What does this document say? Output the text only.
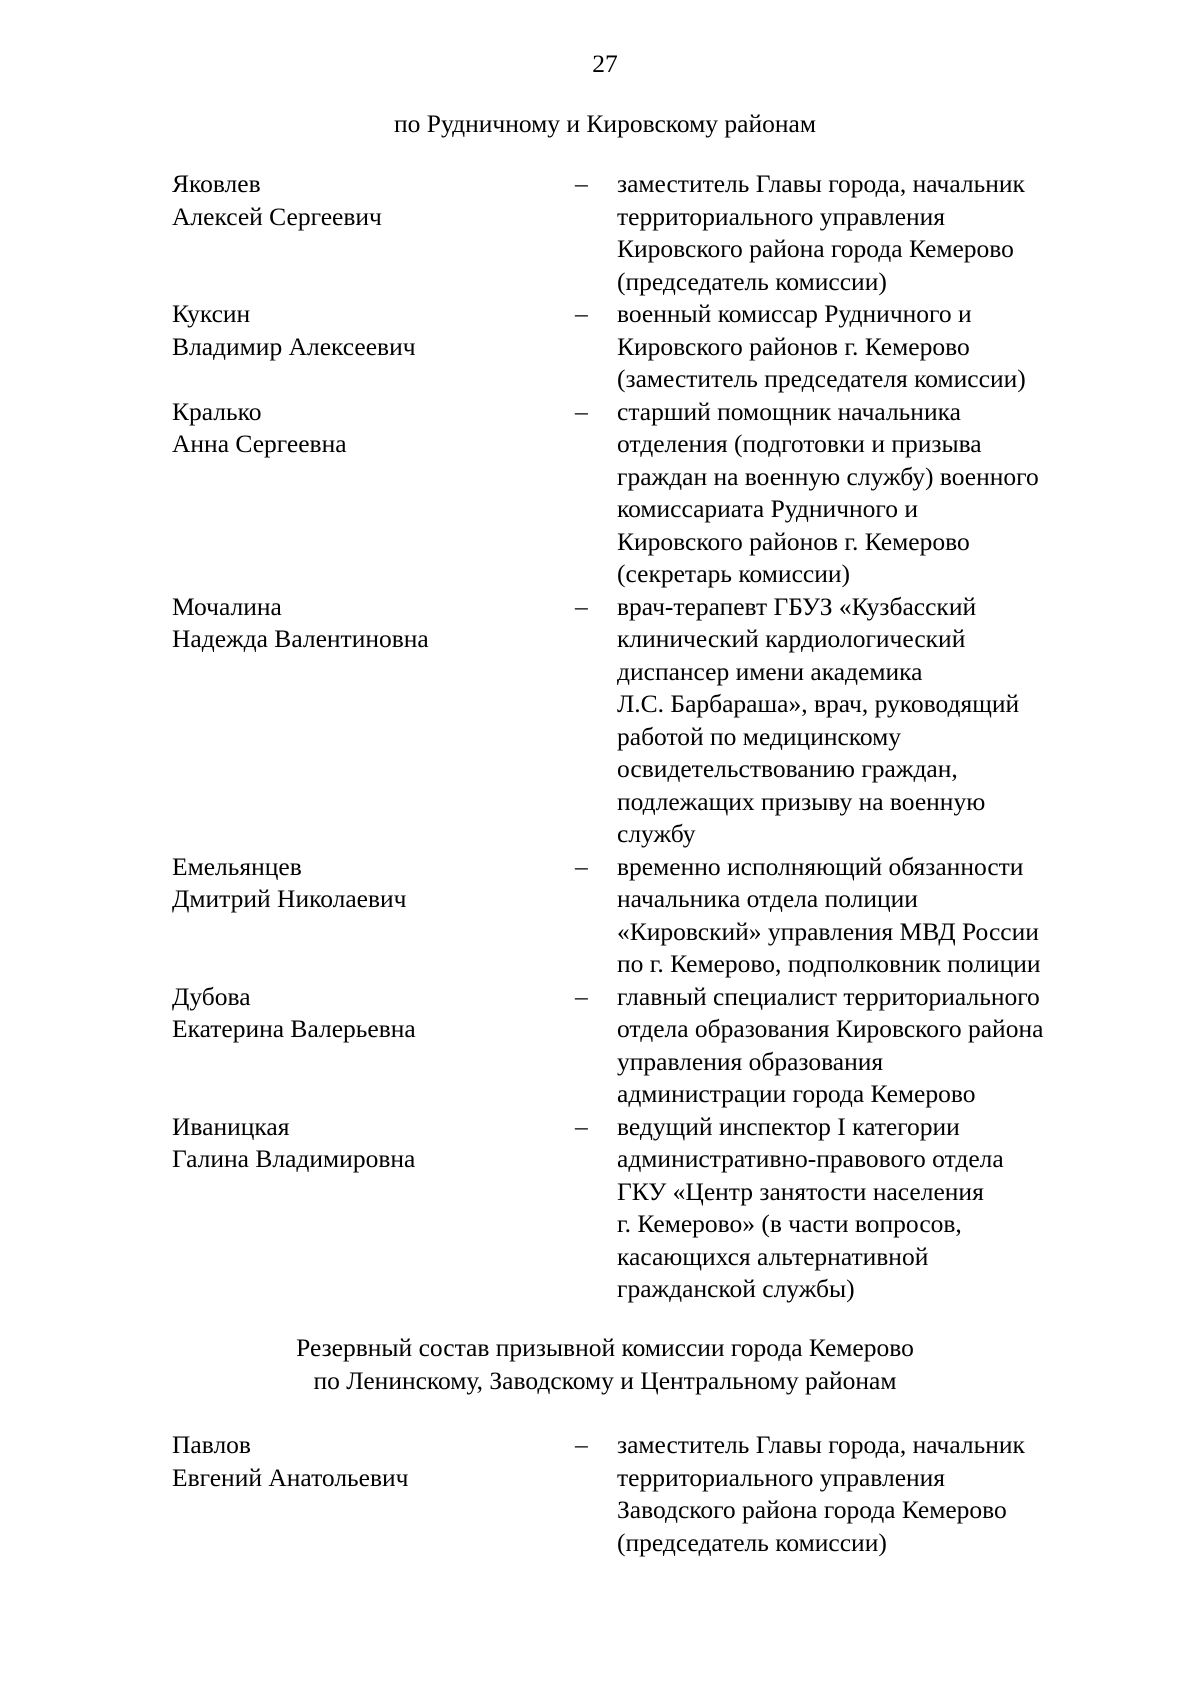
27
по Рудничному и Кировскому районам
Яковлев
Алексей Сергеевич
–	заместитель Главы города, начальник
территориального управления
Кировского района города Кемерово
(председатель комиссии)
Куксин
Владимир Алексеевич
–	военный комиссар Рудничного и
Кировского районов г. Кемерово
(заместитель председателя комиссии)
Кралько
Анна Сергеевна
–	старший помощник начальника
отделения (подготовки и призыва
граждан на военную службу) военного
комиссариата Рудничного и
Кировского районов г. Кемерово
(секретарь комиссии)
Мочалина
Надежда Валентиновна
–	врач-терапевт ГБУЗ «Кузбасский
клинический кардиологический
диспансер имени академика
Л.С. Барбараша», врач, руководящий
работой по медицинскому
освидетельствованию граждан,
подлежащих призыву на военную
службу
Емельянцев
Дмитрий Николаевич
–	временно исполняющий обязанности
начальника отдела полиции
«Кировский» управления МВД России
по г. Кемерово, подполковник полиции
Дубова
Екатерина Валерьевна
–	главный специалист территориального
отдела образования Кировского района
управления образования
администрации города Кемерово
Иваницкая
Галина Владимировна
–	ведущий инспектор I категории
административно-правового отдела
ГКУ «Центр занятости населения
г. Кемерово» (в части вопросов,
касающихся альтернативной
гражданской службы)
Резервный состав призывной комиссии города Кемерово
по Ленинскому, Заводскому и Центральному районам
Павлов
Евгений Анатольевич
–	заместитель Главы города, начальник
территориального управления
Заводского района города Кемерово
(председатель комиссии)
